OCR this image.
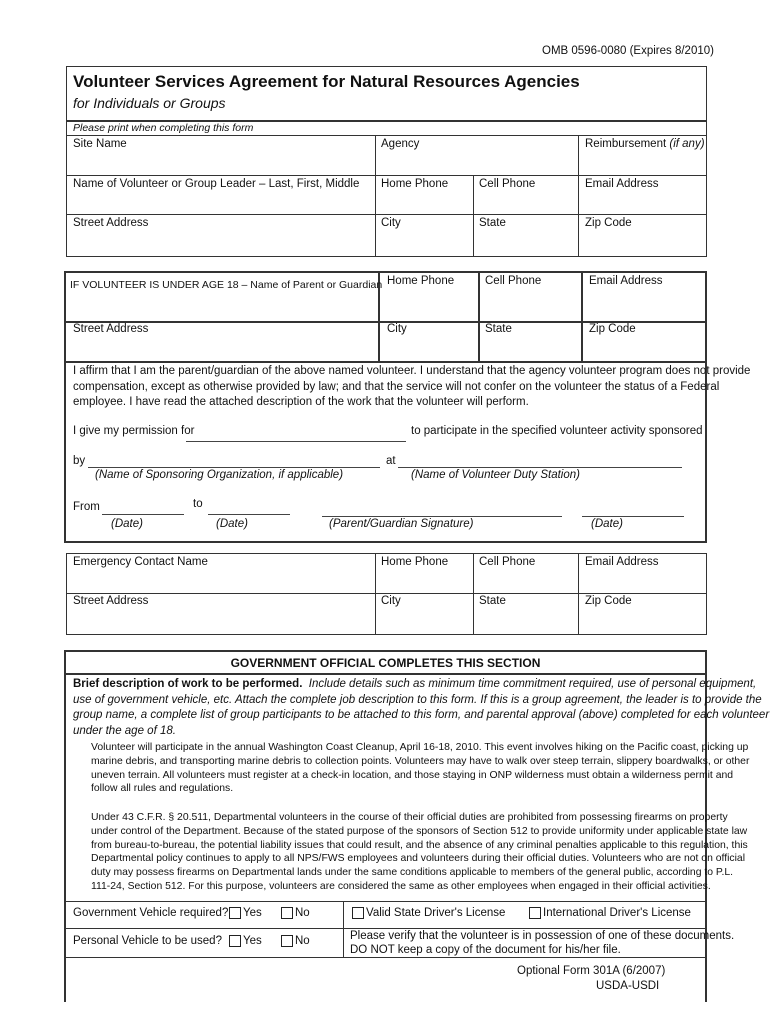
OMB 0596-0080 (Expires 8/2010)
Volunteer Services Agreement for Natural Resources Agencies
for Individuals or Groups
Please print when completing this form
Site Name	Agency	Reimbursement (if any)
Name of Volunteer or Group Leader – Last, First, Middle Home Phone	Cell Phone	Email Address
Street Address	City	State	Zip Code
IF VOLUNTEER IS UNDER AGE 18 – Name of Parent or Guardian Home Phone	Cell Phone	Email Address
Street Address	City	State	Zip Code
I affirm that I am the parent/guardian of the above named volunteer. I understand that the agency volunteer program does not provide
compensation, except as otherwise provided by law; and that the service will not confer on the volunteer the status of a Federal
employee. I have read the attached description of the work that the volunteer will perform.
I give my permission for	to participate in the specified volunteer activity sponsored
by	at
(Name of Sponsoring Organization, if applicable)	(Name of Volunteer Duty Station)
From	to
(Date)	(Date)	(Parent/Guardian Signature)	(Date)
Emergency Contact Name	Home Phone	Cell Phone	Email Address
Street Address	City	State	Zip Code
GOVERNMENT OFFICIAL COMPLETES THIS SECTION
Brief description of work to be performed. Include details such as minimum time commitment required, use of personal equipment,
use of government vehicle, etc. Attach the complete job description to this form. If this is a group agreement, the leader is to provide the
group name, a complete list of group participants to be attached to this form, and parental approval (above) completed for each volunteer
under the age of 18.
Volunteer will participate in the annual Washington Coast Cleanup, April 16-18, 2010. This event involves hiking on the Pacific coast, picking up
marine debris, and transporting marine debris to collection points. Volunteers may have to walk over steep terrain, slippery boardwalks, or other
uneven terrain. All volunteers must register at a check-in location, and those staying in ONP wilderness must obtain a wilderness permit and
follow all rules and regulations.
Under 43 C.F.R. § 20.511, Departmental volunteers in the course of their official duties are prohibited from possessing firearms on property
under control of the Department. Because of the stated purpose of the sponsors of Section 512 to provide uniformity under applicable state law
from bureau-to-bureau, the potential liability issues that could result, and the absence of any criminal penalties applicable to this regulation, this
Departmental policy continues to apply to all NPS/FWS employees and volunteers during their official duties. Volunteers who are not on official
duty may possess firearms on Departmental lands under the same conditions applicable to members of the general public, according to P.L.
111-24, Section 512. For this purpose, volunteers are considered the same as other employees when engaged in their official activities.
Government Vehicle required? Yes	No	Valid State Driver's License	International Driver's License
Personal Vehicle to be used? Yes	No	Please verify that the volunteer is in possession of one of these documents.
DO NOT keep a copy of the document for his/her file.
Optional Form 301A (6/2007)
USDA-USDI
